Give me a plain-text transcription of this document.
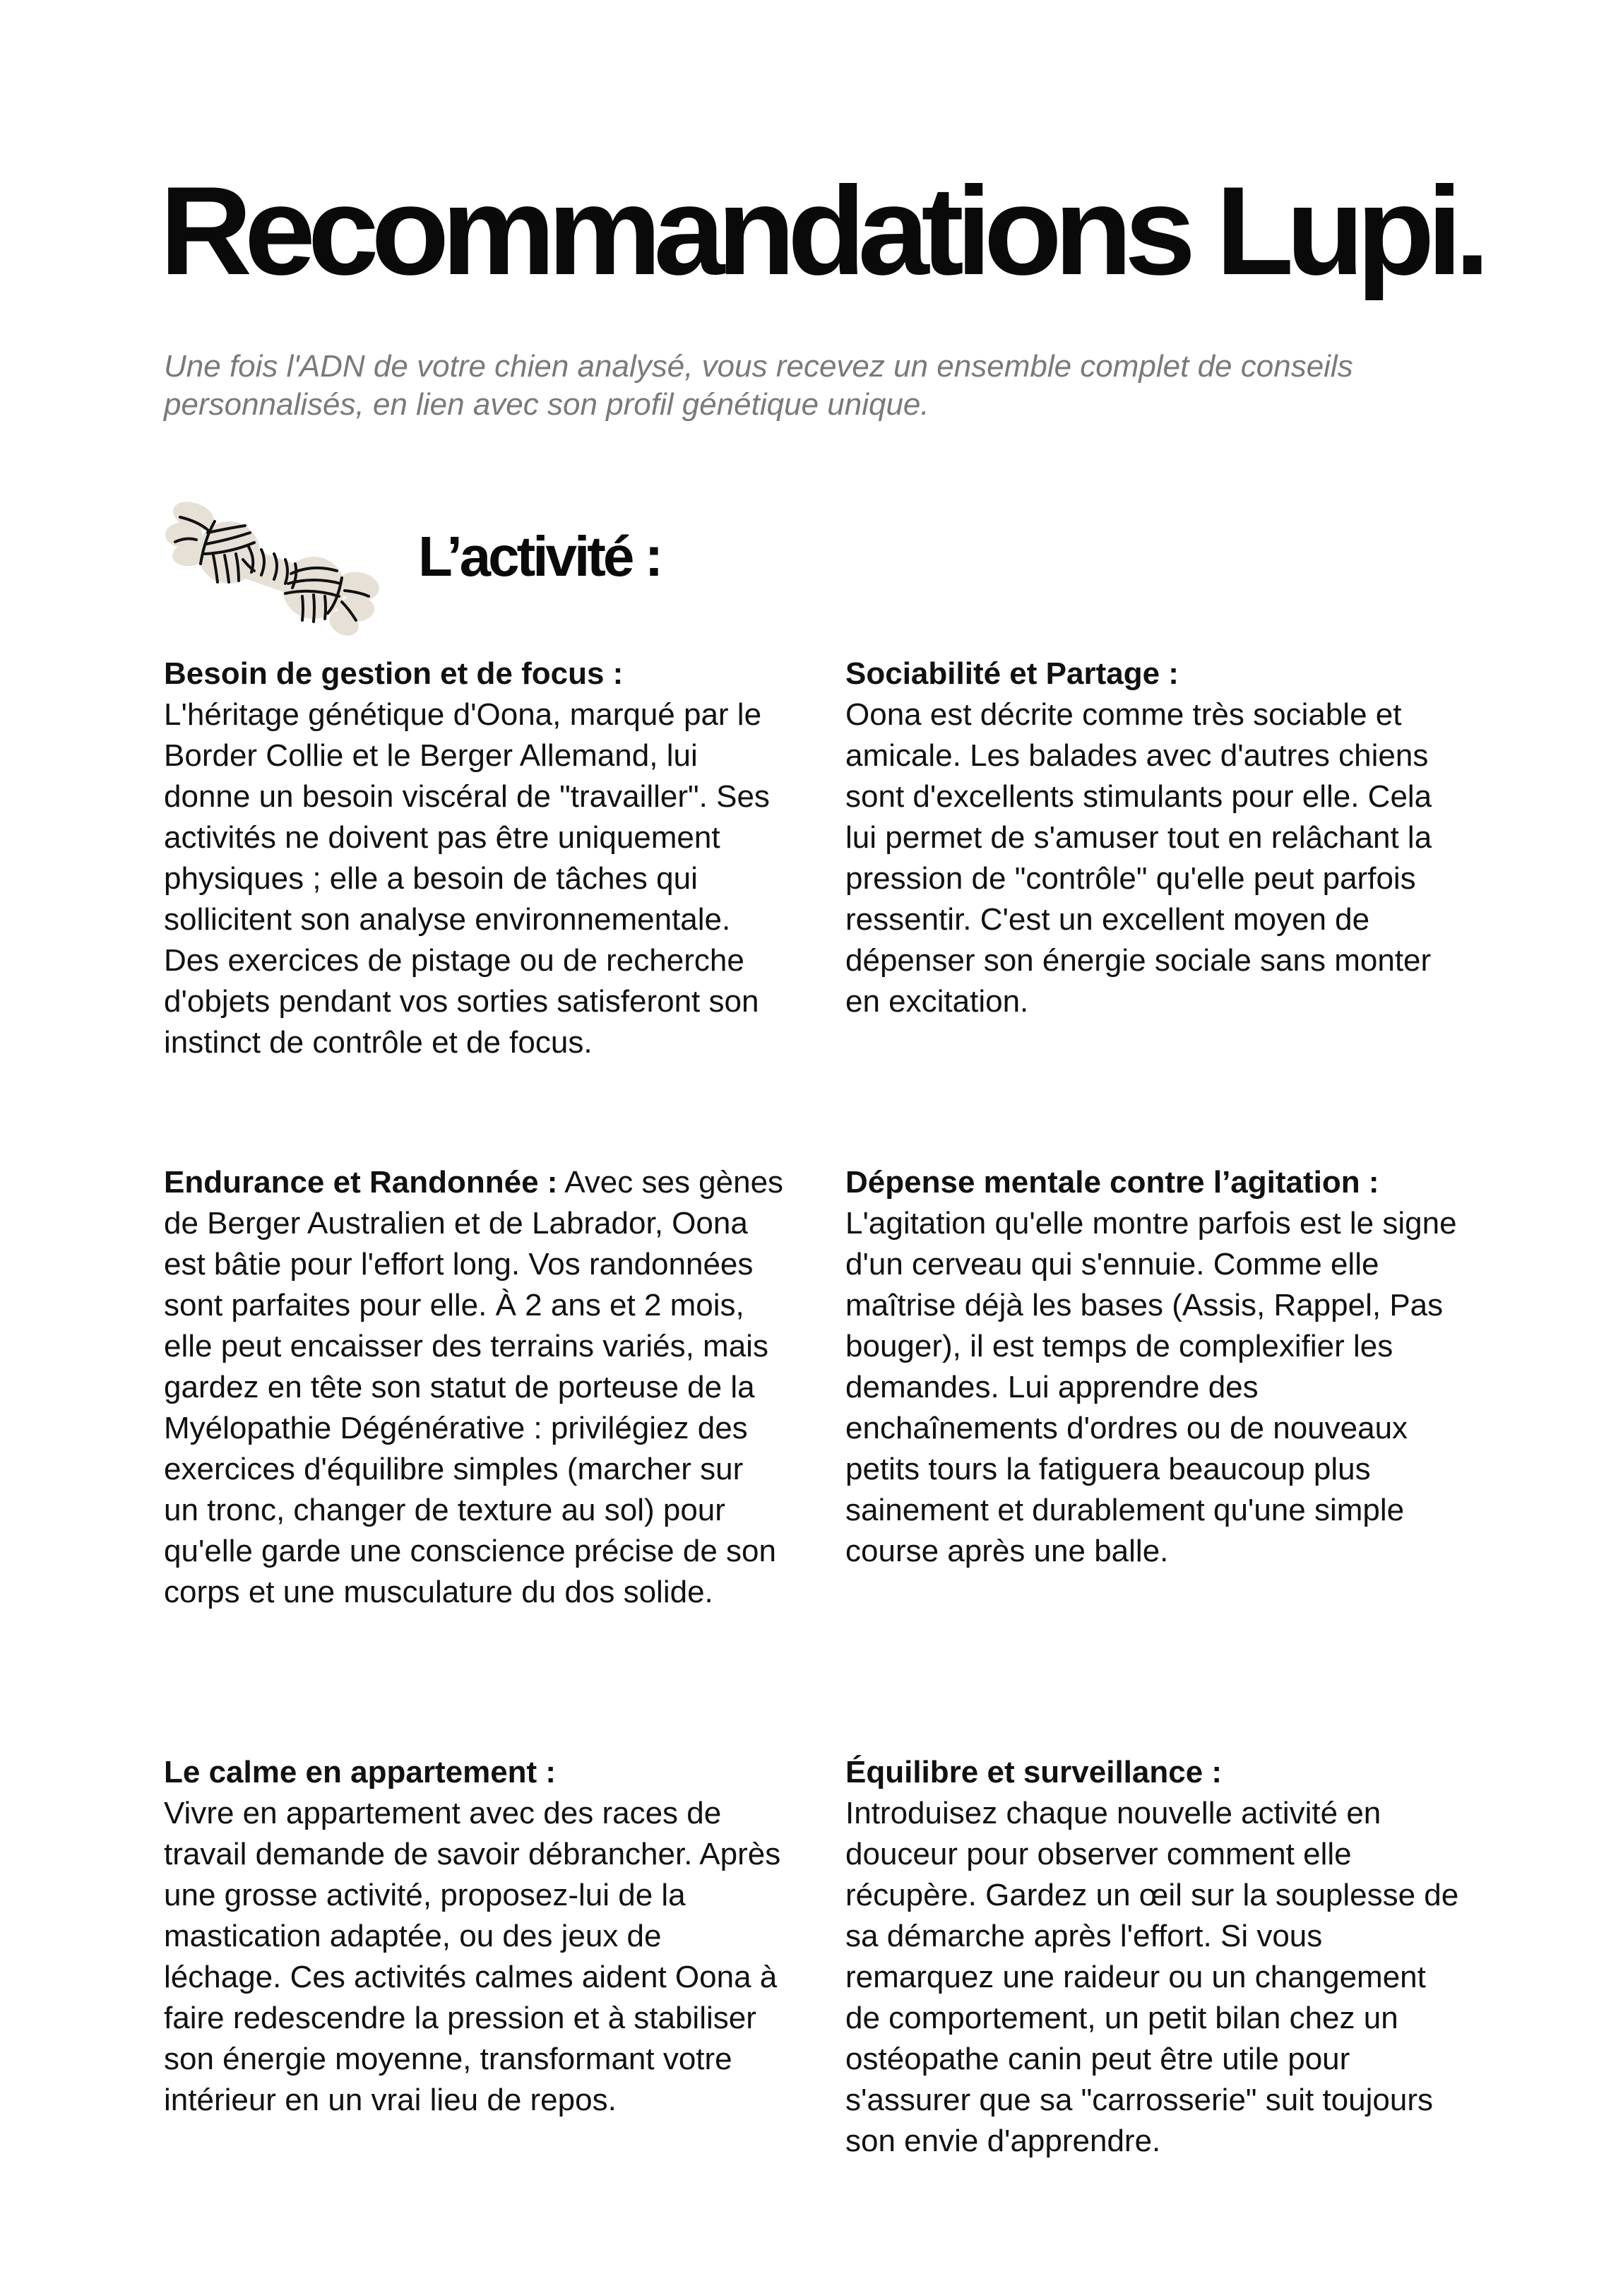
Recommandations Lupi.

Une fois l'ADN de votre chien analysé, vous recevez un ensemble complet de conseils personnalisés, en lien avec son profil génétique unique.

L’activité :
Besoin de gestion et de focus :
L'héritage génétique d'Oona, marqué par le Border Collie et le Berger Allemand, lui donne un besoin viscéral de "travailler". Ses activités ne doivent pas être uniquement physiques ; elle a besoin de tâches qui sollicitent son analyse environnementale. Des exercices de pistage ou de recherche d'objets pendant vos sorties satisferont son instinct de contrôle et de focus.
Sociabilité et Partage :
Oona est décrite comme très sociable et amicale. Les balades avec d'autres chiens sont d'excellents stimulants pour elle. Cela lui permet de s'amuser tout en relâchant la pression de "contrôle" qu'elle peut parfois ressentir. C'est un excellent moyen de dépenser son énergie sociale sans monter en excitation.
Endurance et Randonnée : Avec ses gènes de Berger Australien et de Labrador, Oona est bâtie pour l'effort long. Vos randonnées sont parfaites pour elle. À 2 ans et 2 mois, elle peut encaisser des terrains variés, mais gardez en tête son statut de porteuse de la Myélopathie Dégénérative : privilégiez des exercices d'équilibre simples (marcher sur un tronc, changer de texture au sol) pour qu'elle garde une conscience précise de son corps et une musculature du dos solide.
Dépense mentale contre l’agitation :
L'agitation qu'elle montre parfois est le signe d'un cerveau qui s'ennuie. Comme elle maîtrise déjà les bases (Assis, Rappel, Pas bouger), il est temps de complexifier les demandes. Lui apprendre des enchaînements d'ordres ou de nouveaux petits tours la fatiguera beaucoup plus sainement et durablement qu'une simple course après une balle.
Le calme en appartement :
Vivre en appartement avec des races de travail demande de savoir débrancher. Après une grosse activité, proposez-lui de la mastication adaptée, ou des jeux de léchage. Ces activités calmes aident Oona à faire redescendre la pression et à stabiliser son énergie moyenne, transformant votre intérieur en un vrai lieu de repos.
Équilibre et surveillance :
Introduisez chaque nouvelle activité en douceur pour observer comment elle récupère. Gardez un œil sur la souplesse de sa démarche après l'effort. Si vous remarquez une raideur ou un changement de comportement, un petit bilan chez un ostéopathe canin peut être utile pour s'assurer que sa "carrosserie" suit toujours son envie d'apprendre.
